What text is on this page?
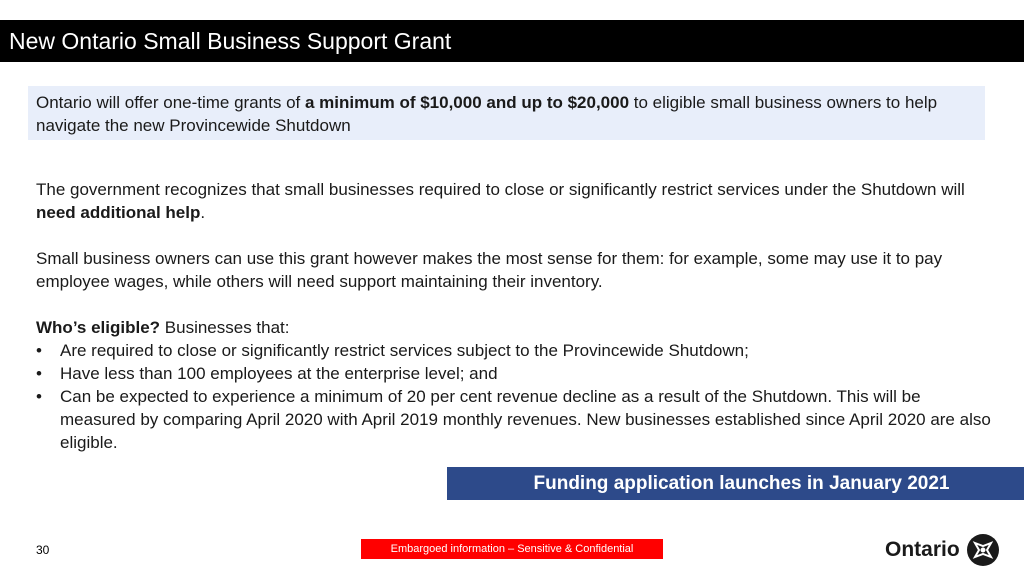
New Ontario Small Business Support Grant
Ontario will offer one-time grants of a minimum of $10,000 and up to $20,000 to eligible small business owners to help navigate the new Provincewide Shutdown
The government recognizes that small businesses required to close or significantly restrict services under the Shutdown will need additional help.
Small business owners can use this grant however makes the most sense for them: for example, some may use it to pay employee wages, while others will need support maintaining their inventory.
Who’s eligible? Businesses that:
• Are required to close or significantly restrict services subject to the Provincewide Shutdown;
• Have less than 100 employees at the enterprise level; and
• Can be expected to experience a minimum of 20 per cent revenue decline as a result of the Shutdown. This will be measured by comparing April 2020 with April 2019 monthly revenues. New businesses established since April 2020 are also eligible.
Funding application launches in January 2021
30	Embargoed information – Sensitive & Confidential	Ontario
